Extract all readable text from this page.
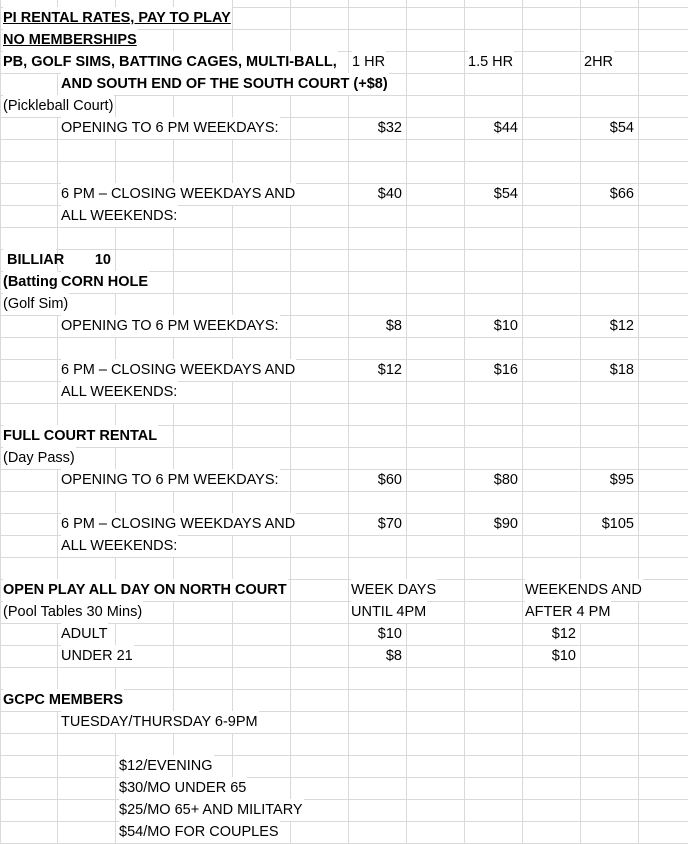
PI RENTAL RATES, PAY TO PLAY
NO MEMBERSHIPS
PB, GOLF SIMS, BATTING CAGES, MULTI-BALL, 1 HR	1.5 HR	2HR
AND SOUTH END OF THE SOUTH COURT (+$8)
(Pickleball Court)
OPENING TO 6 PM WEEKDAYS:	$32	$44	$54
6 PM – CLOSING WEEKDAYS AND	$40	$54	$66
ALL WEEKENDS:
BILLIAR	10
(Batting CORN HOLE
(Golf Sim)
OPENING TO 6 PM WEEKDAYS:	$8	$10	$12
6 PM – CLOSING WEEKDAYS AND	$12	$16	$18
ALL WEEKENDS:
FULL COURT RENTAL
(Day Pass)
OPENING TO 6 PM WEEKDAYS:	$60	$80	$95
6 PM – CLOSING WEEKDAYS AND	$70	$90	$105
ALL WEEKENDS:
OPEN PLAY ALL DAY ON NORTH COURT	WEEK DAYS	WEEKENDS AND
(Pool Tables 30 Mins)	UNTIL 4PM	AFTER 4 PM
ADULT	$10	$12
UNDER 21	$8	$10
GCPC MEMBERS
TUESDAY/THURSDAY 6-9PM
$12/EVENING
$30/MO UNDER 65
$25/MO 65+ AND MILITARY
$54/MO FOR COUPLES
